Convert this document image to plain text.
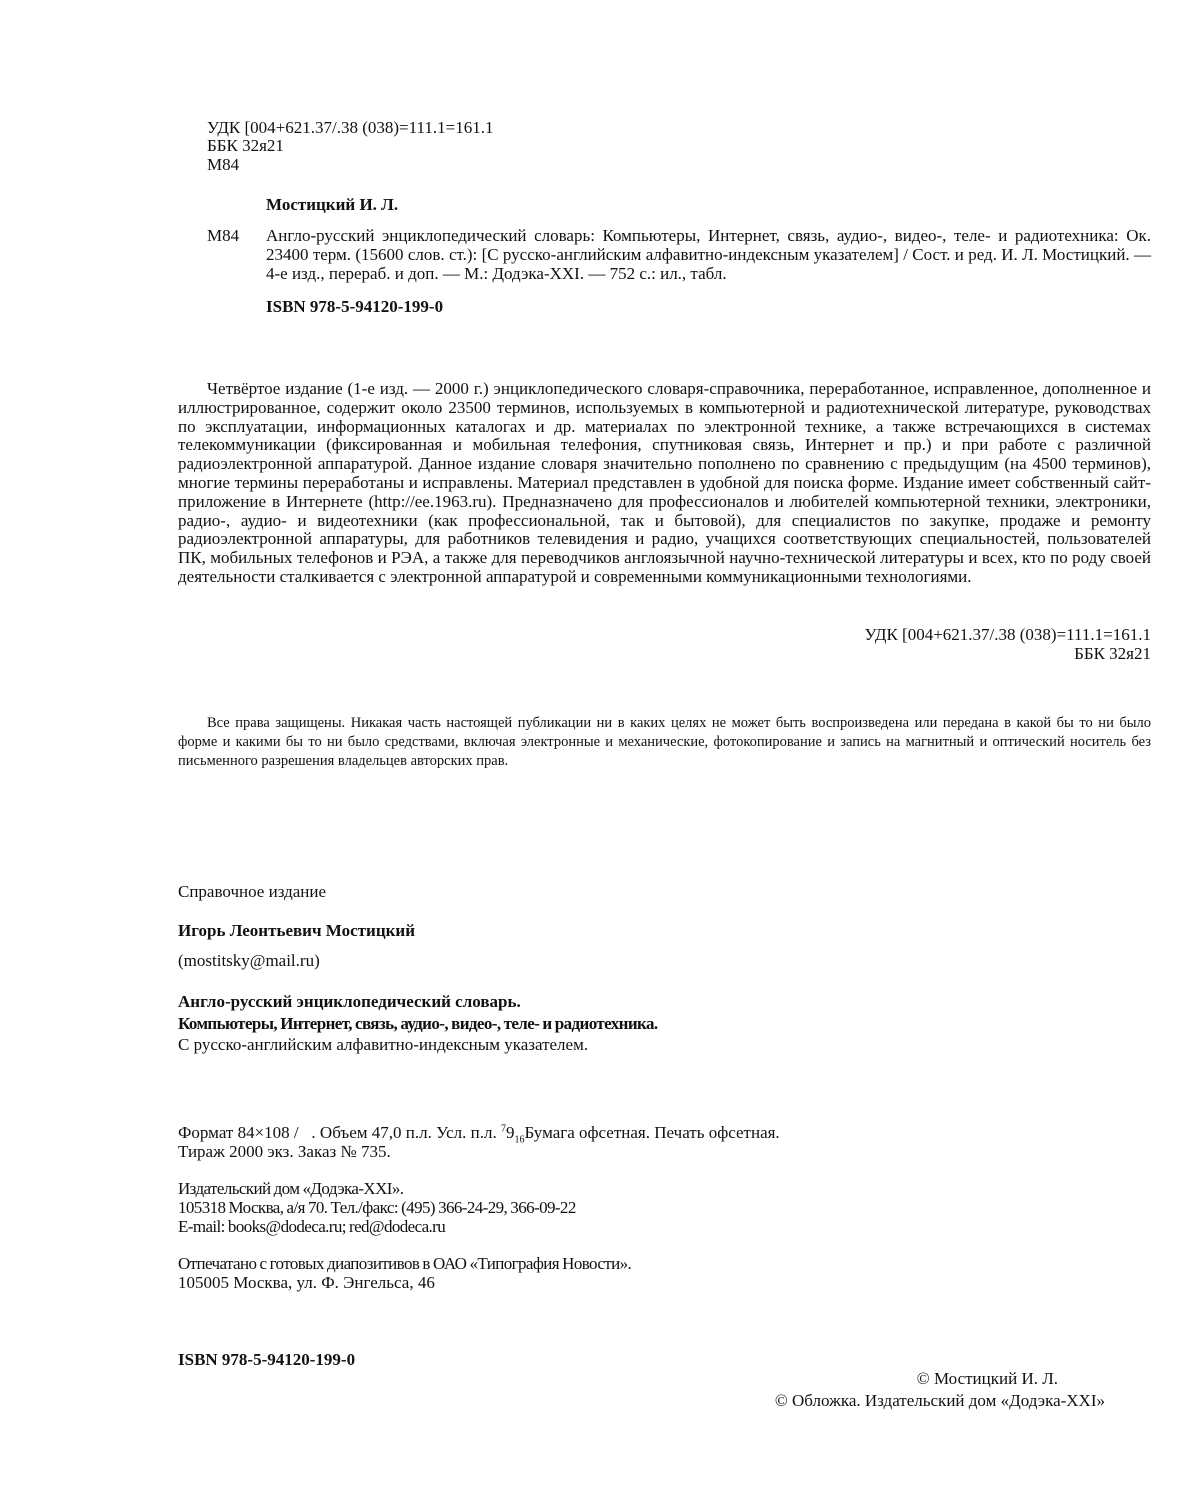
УДК [004+621.37/.38 (038)=111.1=161.1
ББК 32я21
М84
Мостицкий И. Л.
М84 Англо-русский энциклопедический словарь: Компьютеры, Интернет, связь, аудио-, видео-, теле- и радиотехника: Ок. 23400 терм. (15600 слов. ст.): [С русско-английским алфавитно-индексным указателем] / Сост. и ред. И. Л. Мостицкий. — 4-е изд., перераб. и доп. — М.: Додэка-XXI. — 752 с.: ил., табл.
ISBN 978-5-94120-199-0
Четвёртое издание (1-е изд. — 2000 г.) энциклопедического словаря-справочника, переработанное, исправленное, дополненное и иллюстрированное, содержит около 23500 терминов, используемых в компьютерной и радиотехнической литературе, руководствах по эксплуатации, информационных каталогах и др. материалах по электронной технике, а также встречающихся в системах телекоммуникации (фиксированная и мобильная телефония, спутниковая связь, Интернет и пр.) и при работе с различной радиоэлектронной аппаратурой. Данное издание словаря значительно пополнено по сравнению с предыдущим (на 4500 терминов), многие термины переработаны и исправлены. Материал представлен в удобной для поиска форме. Издание имеет собственный сайт-приложение в Интернете (http://ee.1963.ru). Предназначено для профессионалов и любителей компьютерной техники, электроники, радио-, аудио- и видеотехники (как профессиональной, так и бытовой), для специалистов по закупке, продаже и ремонту радиоэлектронной аппаратуры, для работников телевидения и радио, учащихся соответствующих специальностей, пользователей ПК, мобильных телефонов и РЭА, а также для переводчиков англоязычной научно-технической литературы и всех, кто по роду своей деятельности сталкивается с электронной аппаратурой и современными коммуникационными технологиями.
УДК [004+621.37/.38 (038)=111.1=161.1
ББК 32я21
Все права защищены. Никакая часть настоящей публикации ни в каких целях не может быть воспроизведена или передана в какой бы то ни было форме и какими бы то ни было средствами, включая электронные и механические, фотокопирование и запись на магнитный и оптический носитель без письменного разрешения владельцев авторских прав.
Справочное издание
Игорь Леонтьевич Мостицкий
(mostitsky@mail.ru)
Англо-русский энциклопедический словарь.
Компьютеры, Интернет, связь, аудио-, видео-, теле- и радиотехника.
С русско-английским алфавитно-индексным указателем.
Формат 84×108 / . Объем 47,0 п.л. Усл. п.л. $^79_{16}Бумага$ офсетная. Печать офсетная.
Тираж 2000 экз. Заказ № 735.
Издательский дом «Додэка-XXI».
105318 Москва, а/я 70. Тел./факс: (495) 366-24-29, 366-09-22
E-mail: books@dodeca.ru; red@dodeca.ru
Отпечатано с готовых диапозитивов в ОАО «Типография Новости».
105005 Москва, ул. Ф. Энгельса, 46
ISBN 978-5-94120-199-0
© Мостицкий И. Л.
© Обложка. Издательский дом «Додэка-XXI»
